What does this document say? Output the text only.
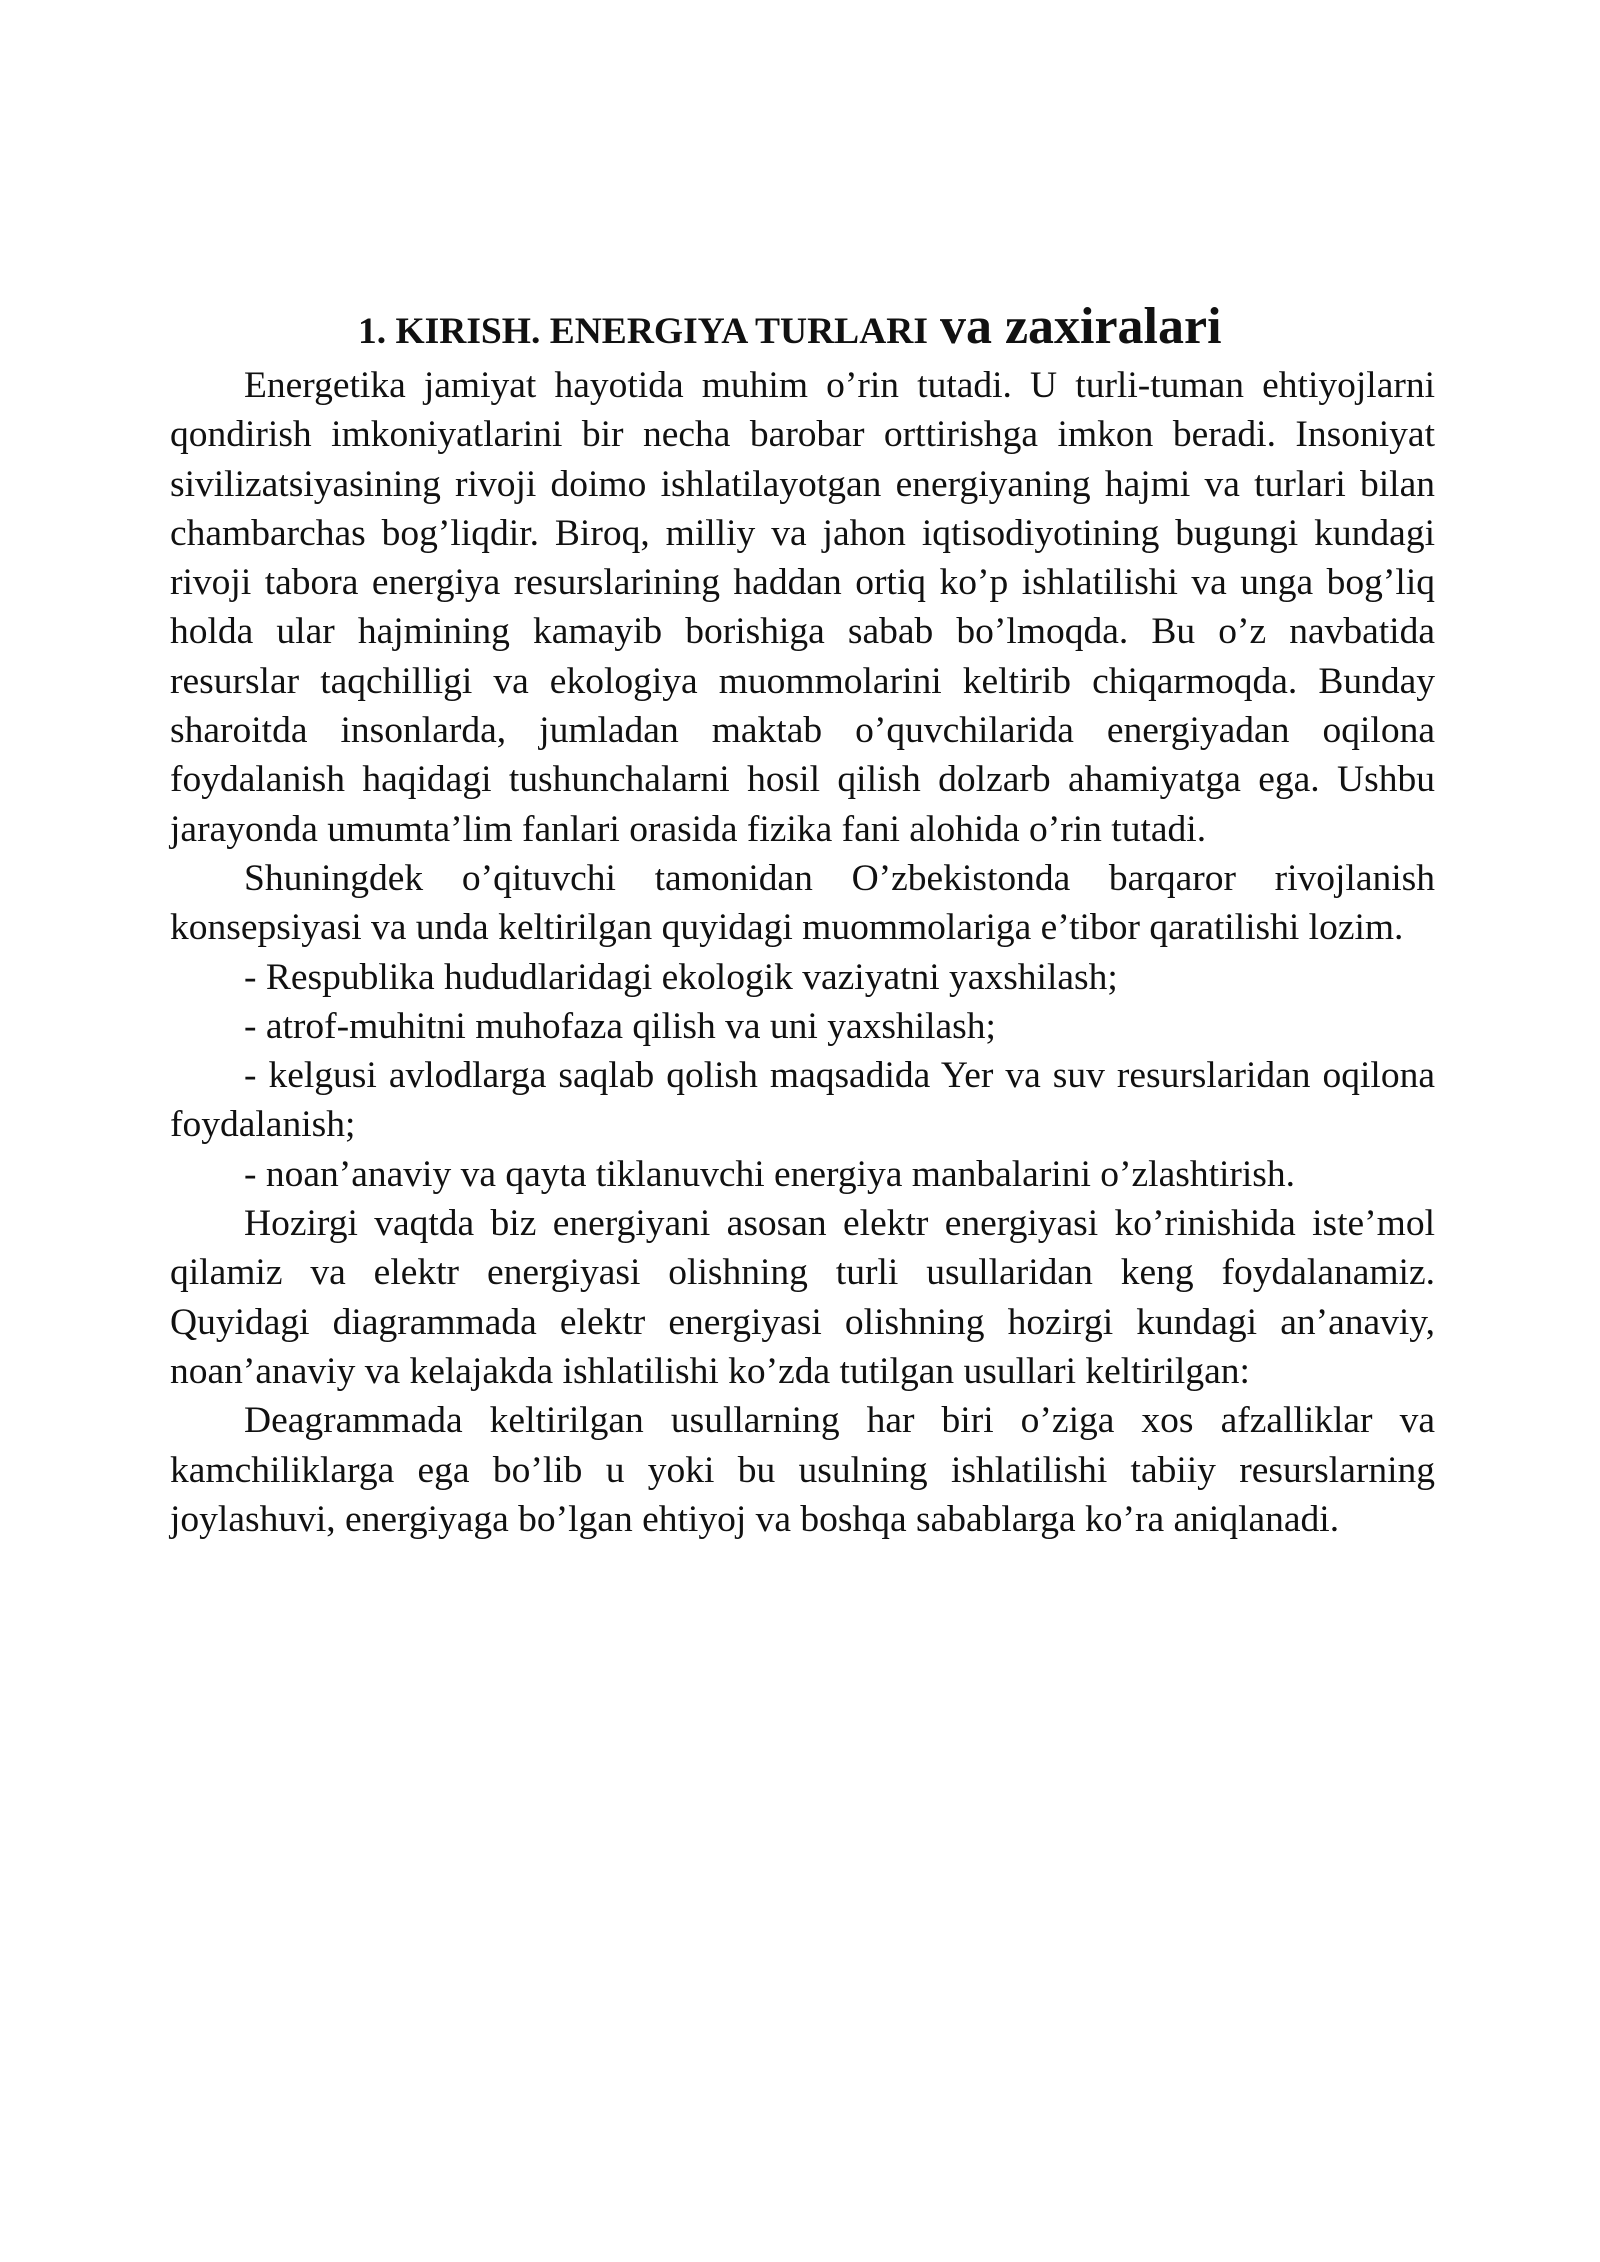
1. KIRISH. ENERGIYA TURLARI va zaxiralari

Energetika jamiyat hayotida muhim o’rin tutadi. U turli-tuman ehtiyojlarni qondirish imkoniyatlarini bir necha barobar orttirishga imkon beradi. Insoniyat sivilizatsiyasining rivoji doimo ishlatilayotgan energiyaning hajmi va turlari bilan chambarchas bog’liqdir. Biroq, milliy va jahon iqtisodiyotining bugungi kundagi rivoji tabora energiya resurslarining haddan ortiq ko’p ishlatilishi va unga bog’liq holda ular hajmining kamayib borishiga sabab bo’lmoqda. Bu o’z navbatida resurslar taqchilligi va ekologiya muommolarini keltirib chiqarmoqda. Bunday sharoitda insonlarda, jumladan maktab o’quvchilarida energiyadan oqilona foydalanish haqidagi tushunchalarni hosil qilish dolzarb ahamiyatga ega. Ushbu jarayonda umumta’lim fanlari orasida fizika fani alohida o’rin tutadi.

Shuningdek o’qituvchi tamonidan O’zbekistonda barqaror rivojlanish konsepsiyasi va unda keltirilgan quyidagi muommolariga e’tibor qaratilishi lozim.

- Respublika hududlaridagi ekologik vaziyatni yaxshilash;
- atrof-muhitni muhofaza qilish va uni yaxshilash;
- kelgusi avlodlarga saqlab qolish maqsadida Yer va suv resurslaridan oqilona foydalanish;
- noan’anaviy va qayta tiklanuvchi energiya manbalarini o’zlashtirish.

Hozirgi vaqtda biz energiyani asosan elektr energiyasi ko’rinishida iste’mol qilamiz va elektr energiyasi olishning turli usullaridan keng foydalanamiz. Quyidagi diagrammada elektr energiyasi olishning hozirgi kundagi an’anaviy, noan’anaviy va kelajakda ishlatilishi ko’zda tutilgan usullari keltirilgan:

Deagrammada keltirilgan usullarning har biri o’ziga xos afzalliklar va kamchiliklarga ega bo’lib u yoki bu usulning ishlatilishi tabiiy resurslarning joylashuvi, energiyaga bo’lgan ehtiyoj va boshqa sabablarga ko’ra aniqlanadi.
